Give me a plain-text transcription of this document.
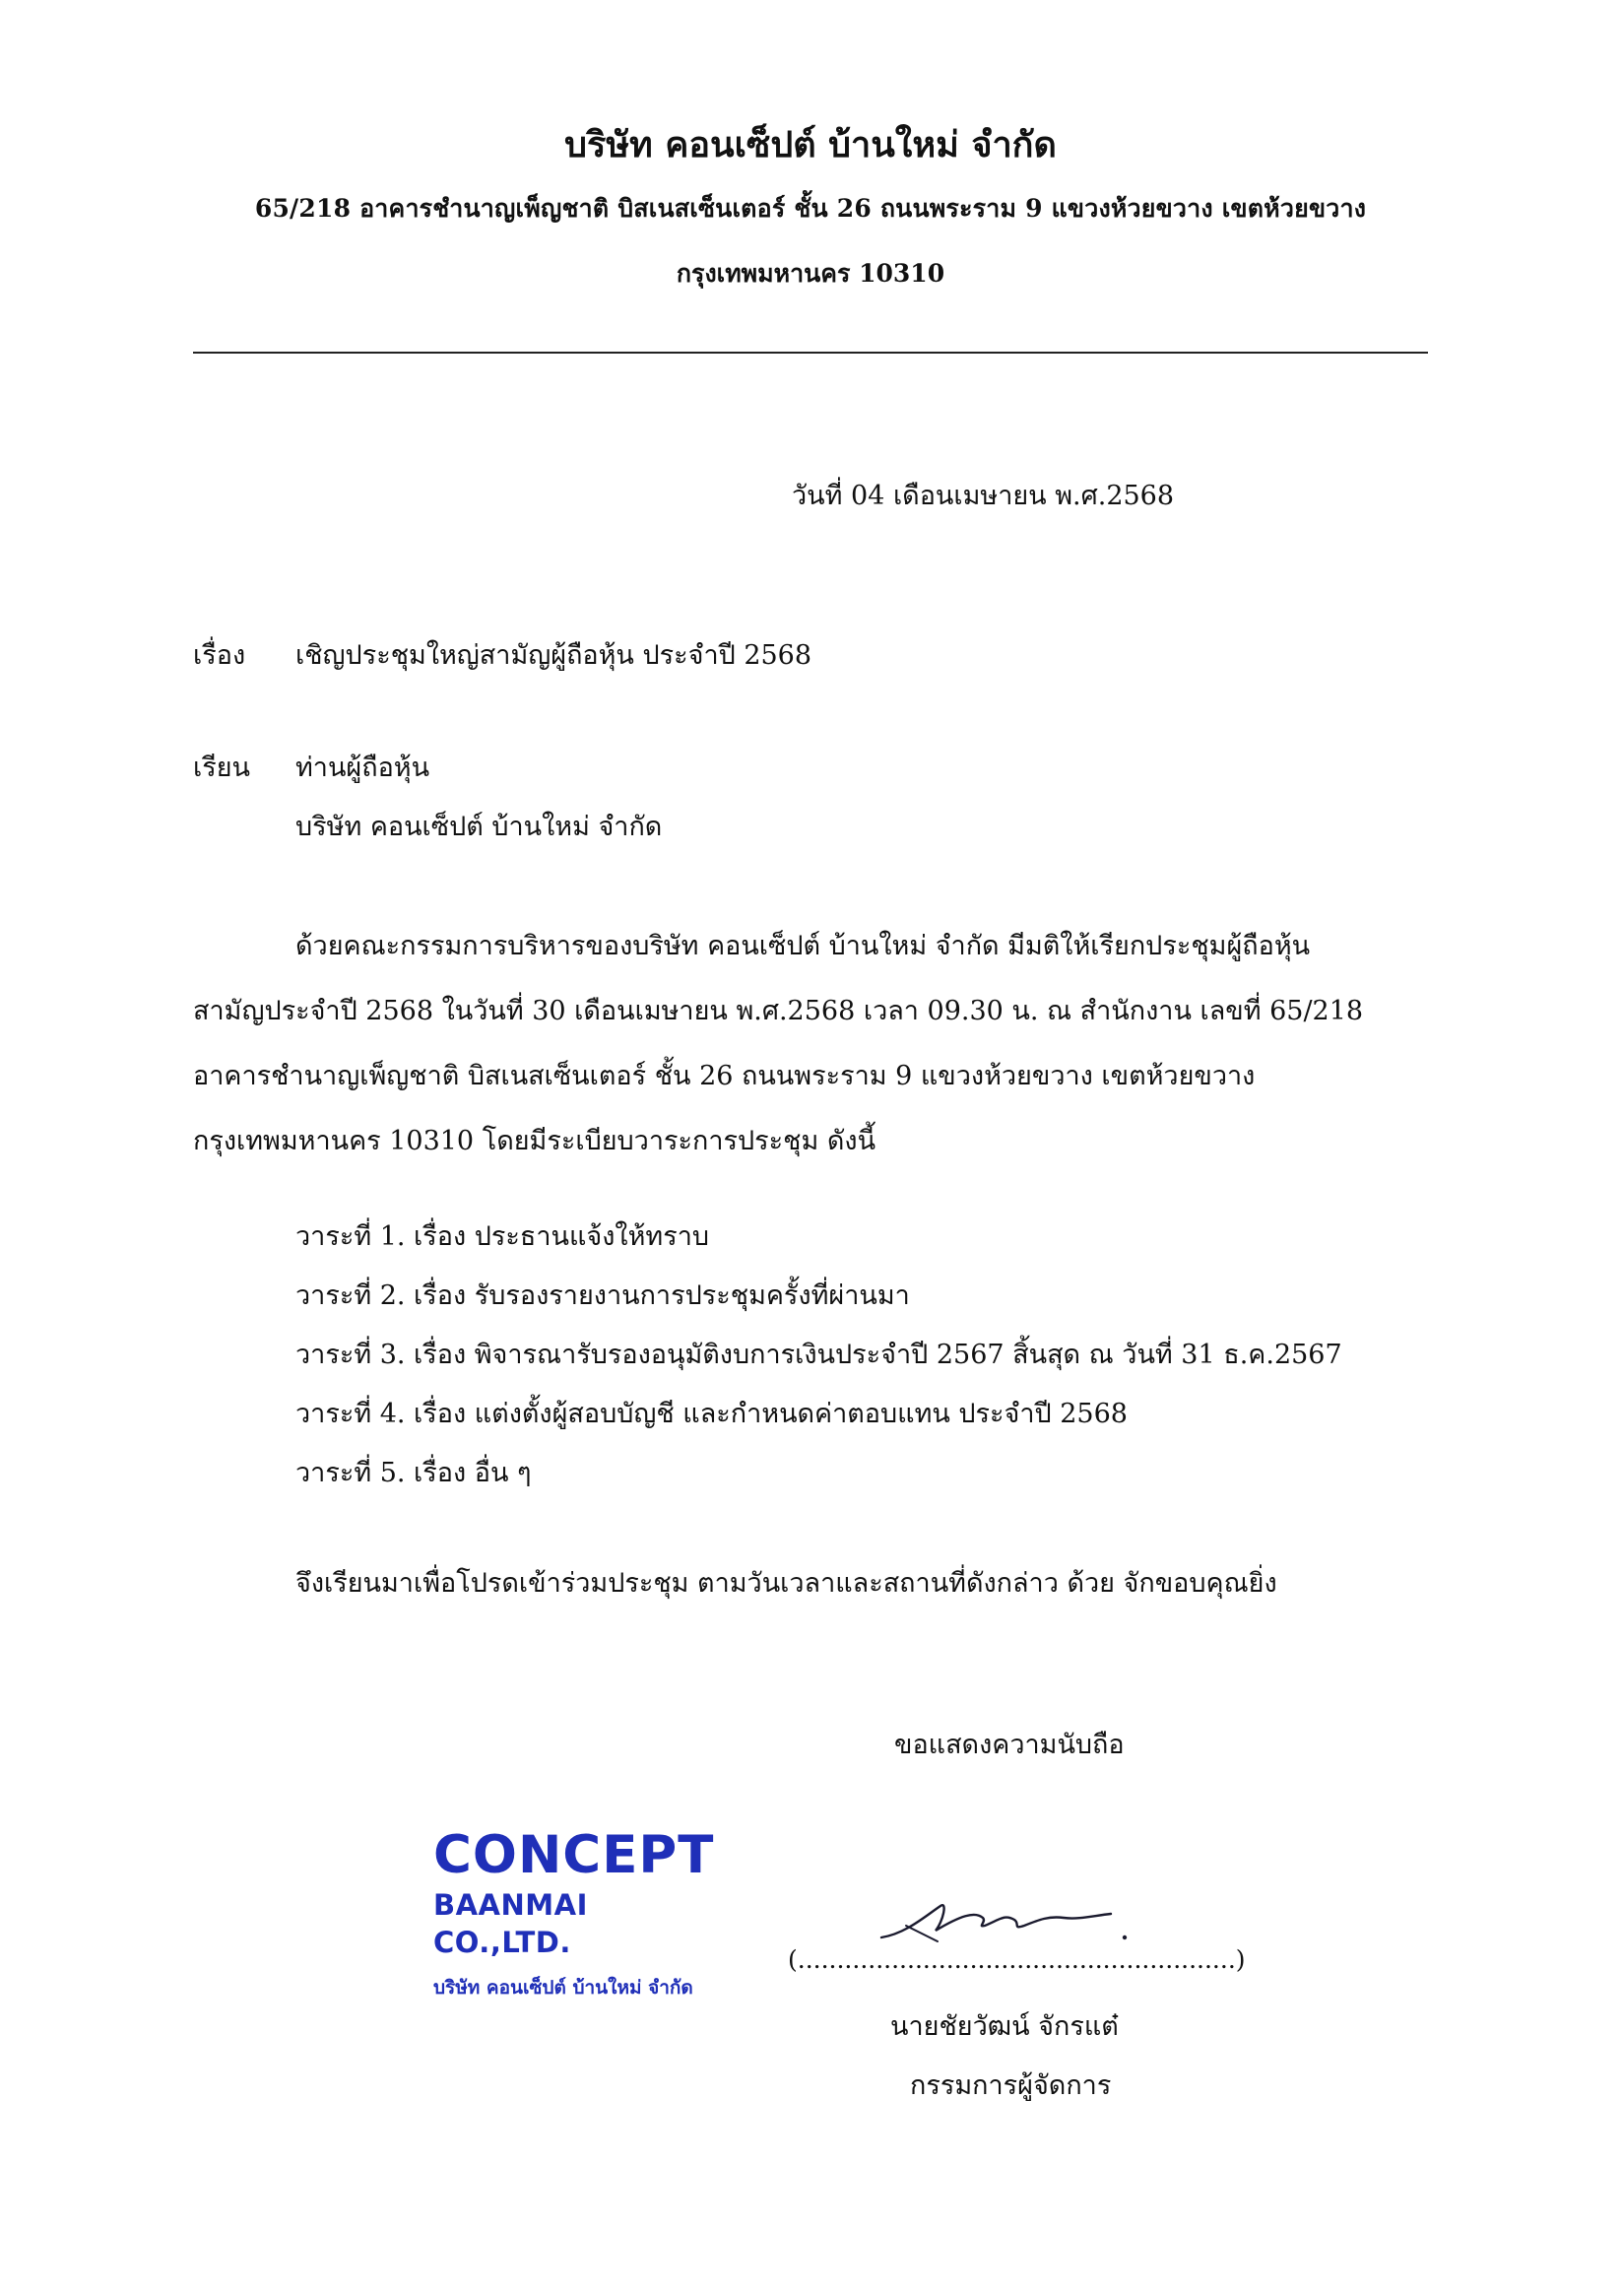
บริษัท คอนเซ็ปต์ บ้านใหม่ จำกัด
65/218 อาคารชำนาญเพ็ญชาติ บิสเนสเซ็นเตอร์ ชั้น 26 ถนนพระราม 9 แขวงห้วยขวาง เขตห้วยขวาง
กรุงเทพมหานคร 10310
วันที่ 04 เดือนเมษายน พ.ศ.2568
เรื่อง เชิญประชุมใหญ่สามัญผู้ถือหุ้น ประจำปี 2568
เรียน ท่านผู้ถือหุ้น
บริษัท คอนเซ็ปต์ บ้านใหม่ จำกัด

ด้วยคณะกรรมการบริหารของบริษัท คอนเซ็ปต์ บ้านใหม่ จำกัด มีมติให้เรียกประชุมผู้ถือหุ้น

สามัญประจำปี 2568 ในวันที่ 30 เดือนเมษายน พ.ศ.2568 เวลา 09.30 น. ณ สำนักงาน เลขที่ 65/218

อาคารชำนาญเพ็ญชาติ บิสเนสเซ็นเตอร์ ชั้น 26 ถนนพระราม 9 แขวงห้วยขวาง เขตห้วยขวาง

กรุงเทพมหานคร 10310 โดยมีระเบียบวาระการประชุม ดังนี้

วาระที่ 1. เรื่อง ประธานแจ้งให้ทราบ
วาระที่ 2. เรื่อง รับรองรายงานการประชุมครั้งที่ผ่านมา
วาระที่ 3. เรื่อง พิจารณารับรองอนุมัติงบการเงินประจำปี 2567 สิ้นสุด ณ วันที่ 31 ธ.ค.2567
วาระที่ 4. เรื่อง แต่งตั้งผู้สอบบัญชี และกำหนดค่าตอบแทน ประจำปี 2568
วาระที่ 5. เรื่อง อื่น ๆ
จึงเรียนมาเพื่อโปรดเข้าร่วมประชุม ตามวันเวลาและสถานที่ดังกล่าว ด้วย จักขอบคุณยิ่ง
ขอแสดงความนับถือ
CONCEPT
BAANMAI CO.,LTD.
บริษัท คอนเซ็ปต์ บ้านใหม่ จำกัด
(........................................................)
นายชัยวัฒน์ จักรแต๋
กรรมการผู้จัดการ
